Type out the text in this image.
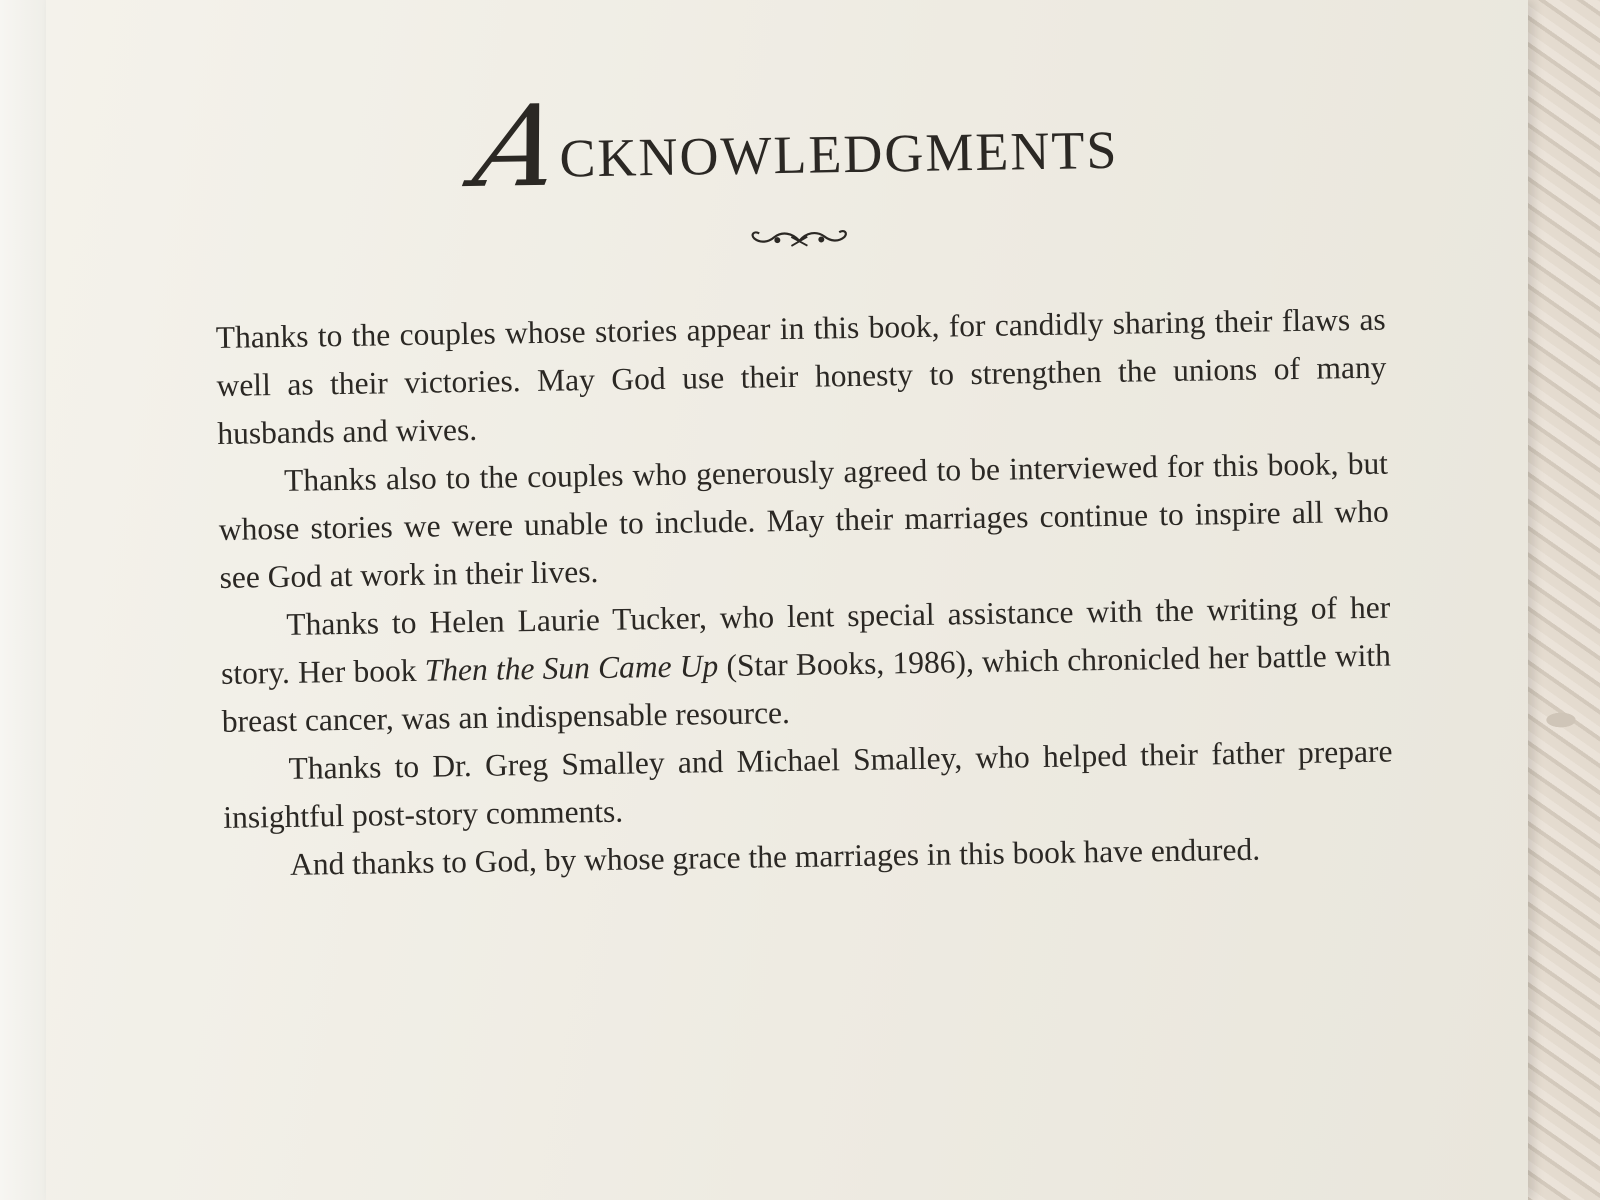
ACKNOWLEDGMENTS

Thanks to the couples whose stories appear in this book, for candidly sharing their flaws as well as their victories. May God use their honesty to strengthen the unions of many husbands and wives.

Thanks also to the couples who generously agreed to be interviewed for this book, but whose stories we were unable to include. May their marriages continue to inspire all who see God at work in their lives.

Thanks to Helen Laurie Tucker, who lent special assistance with the writing of her story. Her book Then the Sun Came Up (Star Books, 1986), which chronicled her battle with breast cancer, was an indispensable resource.

Thanks to Dr. Greg Smalley and Michael Smalley, who helped their father prepare insightful post-story comments.

And thanks to God, by whose grace the marriages in this book have endured.
